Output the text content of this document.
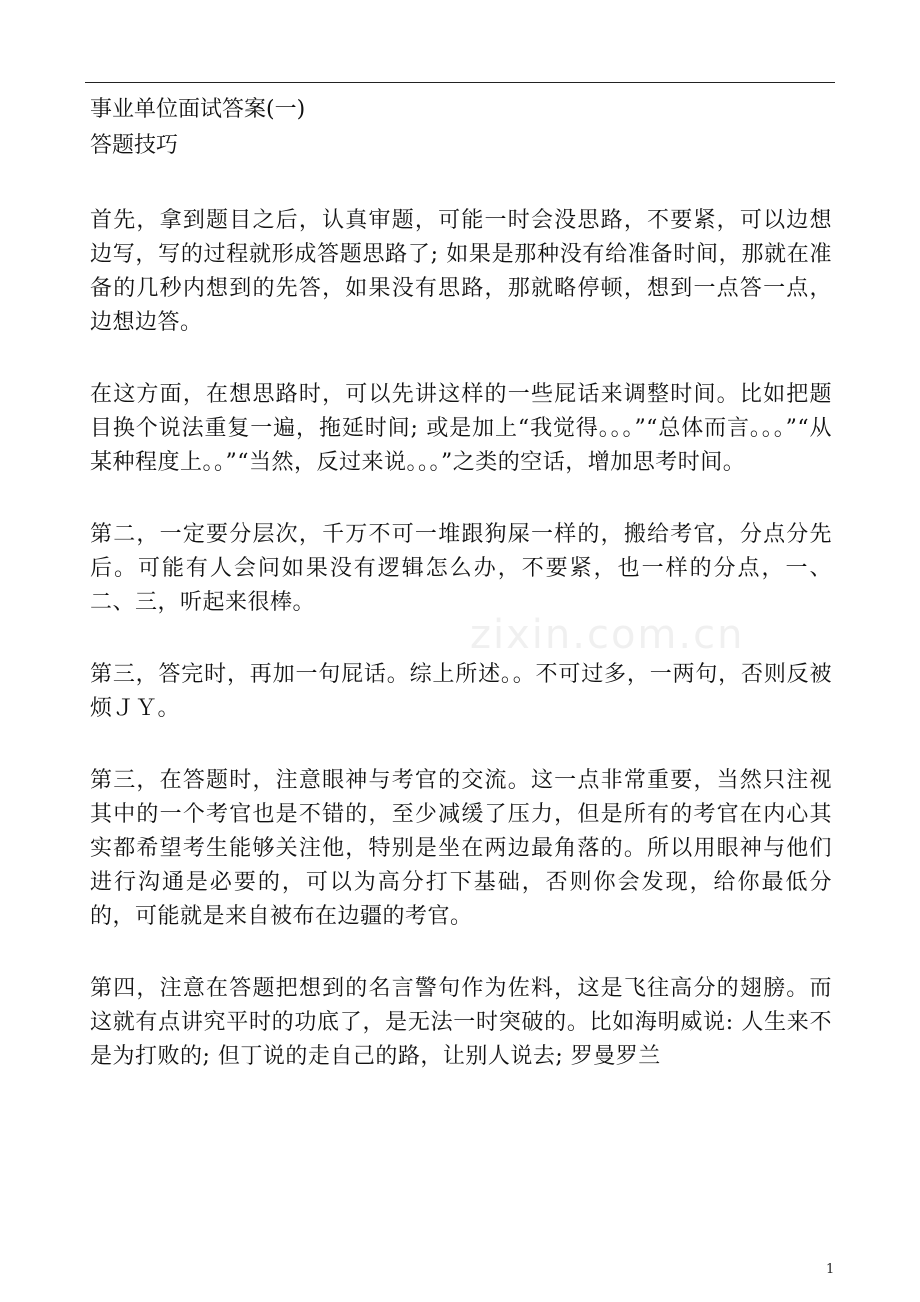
事业单位面试答案(一)
答题技巧

首先，拿到题目之后，认真审题，可能一时会没思路，不要紧，可以边想边写，写的过程就形成答题思路了; 如果是那种没有给准备时间，那就在准备的几秒内想到的先答，如果没有思路，那就略停顿，想到一点答一点，边想边答。

在这方面，在想思路时，可以先讲这样的一些屁话来调整时间。比如把题目换个说法重复一遍，拖延时间; 或是加上“我觉得。。。”“总体而言。。。”“从某种程度上。。”“当然，反过来说。。。”之类的空话，增加思考时间。

第二，一定要分层次，千万不可一堆跟狗屎一样的，搬给考官，分点分先后。可能有人会问如果没有逻辑怎么办，不要紧，也一样的分点，一、二、三，听起来很棒。

第三，答完时，再加一句屁话。综上所述。。不可过多，一两句，否则反被烦ＪＹ。

第三，在答题时，注意眼神与考官的交流。这一点非常重要，当然只注视其中的一个考官也是不错的，至少减缓了压力，但是所有的考官在内心其实都希望考生能够关注他，特别是坐在两边最角落的。所以用眼神与他们进行沟通是必要的，可以为高分打下基础，否则你会发现，给你最低分的，可能就是来自被布在边疆的考官。

第四，注意在答题把想到的名言警句作为佐料，这是飞往高分的翅膀。而这就有点讲究平时的功底了，是无法一时突破的。比如海明威说: 人生来不是为打败的; 但丁说的走自己的路，让别人说去; 罗曼罗兰

zixin.com.cn
1
